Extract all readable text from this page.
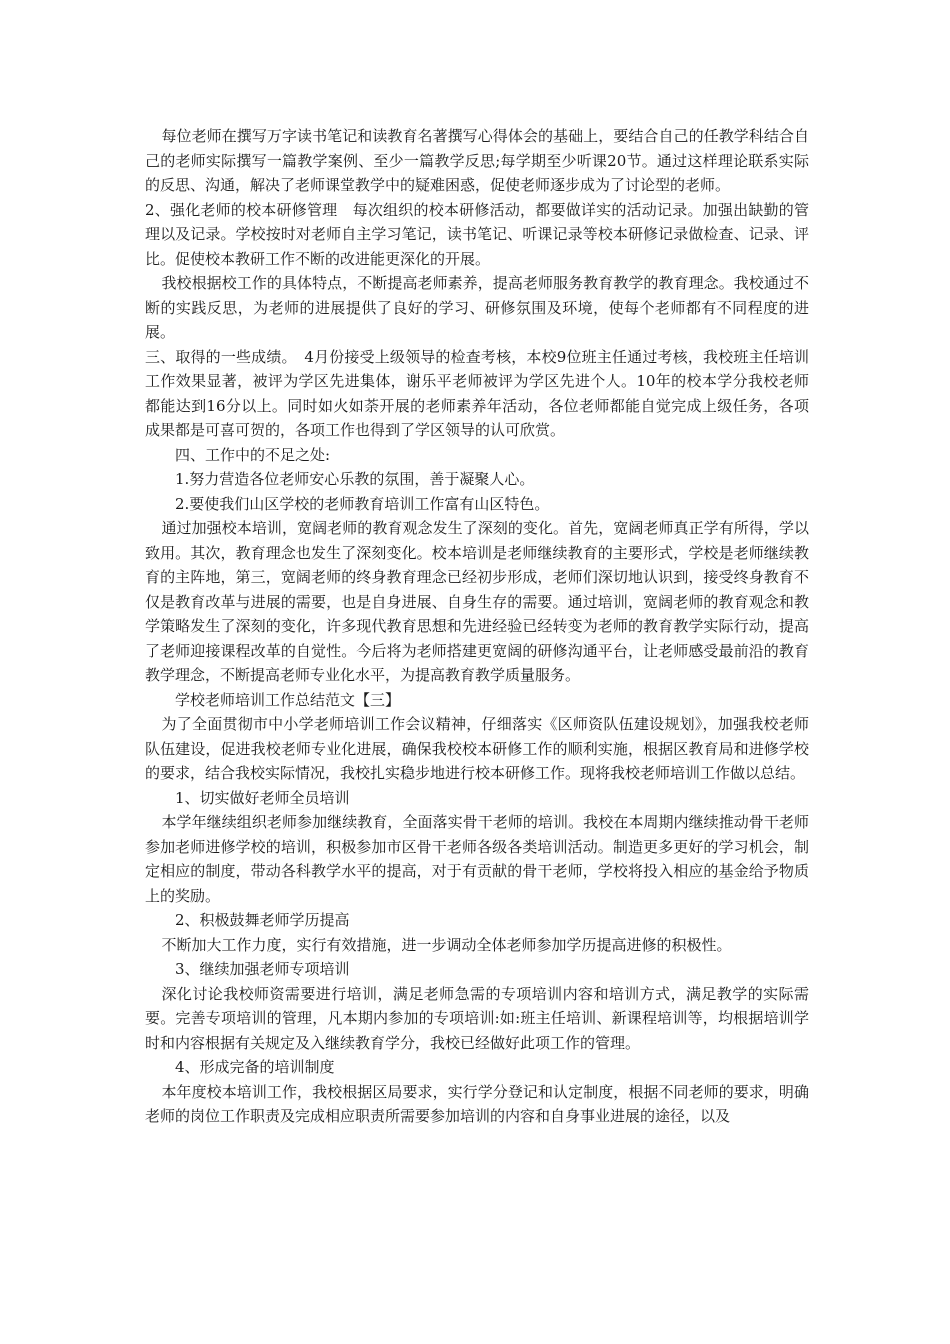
每位老师在撰写万字读书笔记和读教育名著撰写心得体会的基础上，要结合自己的任教学科结合自己的老师实际撰写一篇教学案例、至少一篇教学反思;每学期至少听课20节。通过这样理论联系实际的反思、沟通，解决了老师课堂教学中的疑难困惑，促使老师逐步成为了讨论型的老师。

2、强化老师的校本研修管理　每次组织的校本研修活动，都要做详实的活动记录。加强出缺勤的管理以及记录。学校按时对老师自主学习笔记，读书笔记、听课记录等校本研修记录做检查、记录、评比。促使校本教研工作不断的改进能更深化的开展。

我校根据校工作的具体特点，不断提高老师素养，提高老师服务教育教学的教育理念。我校通过不断的实践反思，为老师的进展提供了良好的学习、研修氛围及环境，使每个老师都有不同程度的进展。

三、取得的一些成绩。　4月份接受上级领导的检查考核，本校9位班主任通过考核，我校班主任培训工作效果显著，被评为学区先进集体，谢乐平老师被评为学区先进个人。10年的校本学分我校老师都能达到16分以上。同时如火如荼开展的老师素养年活动，各位老师都能自觉完成上级任务，各项成果都是可喜可贺的，各项工作也得到了学区领导的认可欣赏。

四、工作中的不足之处:

1.努力营造各位老师安心乐教的氛围，善于凝聚人心。

2.要使我们山区学校的老师教育培训工作富有山区特色。

通过加强校本培训，宽阔老师的教育观念发生了深刻的变化。首先，宽阔老师真正学有所得，学以致用。其次，教育理念也发生了深刻变化。校本培训是老师继续教育的主要形式，学校是老师继续教育的主阵地，第三，宽阔老师的终身教育理念已经初步形成，老师们深切地认识到，接受终身教育不仅是教育改革与进展的需要，也是自身进展、自身生存的需要。通过培训，宽阔老师的教育观念和教学策略发生了深刻的变化，许多现代教育思想和先进经验已经转变为老师的教育教学实际行动，提高了老师迎接课程改革的自觉性。今后将为老师搭建更宽阔的研修沟通平台，让老师感受最前沿的教育教学理念，不断提高老师专业化水平，为提高教育教学质量服务。

学校老师培训工作总结范文【三】

为了全面贯彻市中小学老师培训工作会议精神，仔细落实《区师资队伍建设规划》，加强我校老师队伍建设，促进我校老师专业化进展，确保我校校本研修工作的顺利实施，根据区教育局和进修学校的要求，结合我校实际情况，我校扎实稳步地进行校本研修工作。现将我校老师培训工作做以总结。

1、切实做好老师全员培训

本学年继续组织老师参加继续教育，全面落实骨干老师的培训。我校在本周期内继续推动骨干老师参加老师进修学校的培训，积极参加市区骨干老师各级各类培训活动。制造更多更好的学习机会，制定相应的制度，带动各科教学水平的提高，对于有贡献的骨干老师，学校将投入相应的基金给予物质上的奖励。

2、积极鼓舞老师学历提高

不断加大工作力度，实行有效措施，进一步调动全体老师参加学历提高进修的积极性。

3、继续加强老师专项培训

深化讨论我校师资需要进行培训，满足老师急需的专项培训内容和培训方式，满足教学的实际需要。完善专项培训的管理，凡本期内参加的专项培训:如:班主任培训、新课程培训等，均根据培训学时和内容根据有关规定及入继续教育学分，我校已经做好此项工作的管理。

4、形成完备的培训制度

本年度校本培训工作，我校根据区局要求，实行学分登记和认定制度，根据不同老师的要求，明确老师的岗位工作职责及完成相应职责所需要参加培训的内容和自身事业进展的途径，以及
